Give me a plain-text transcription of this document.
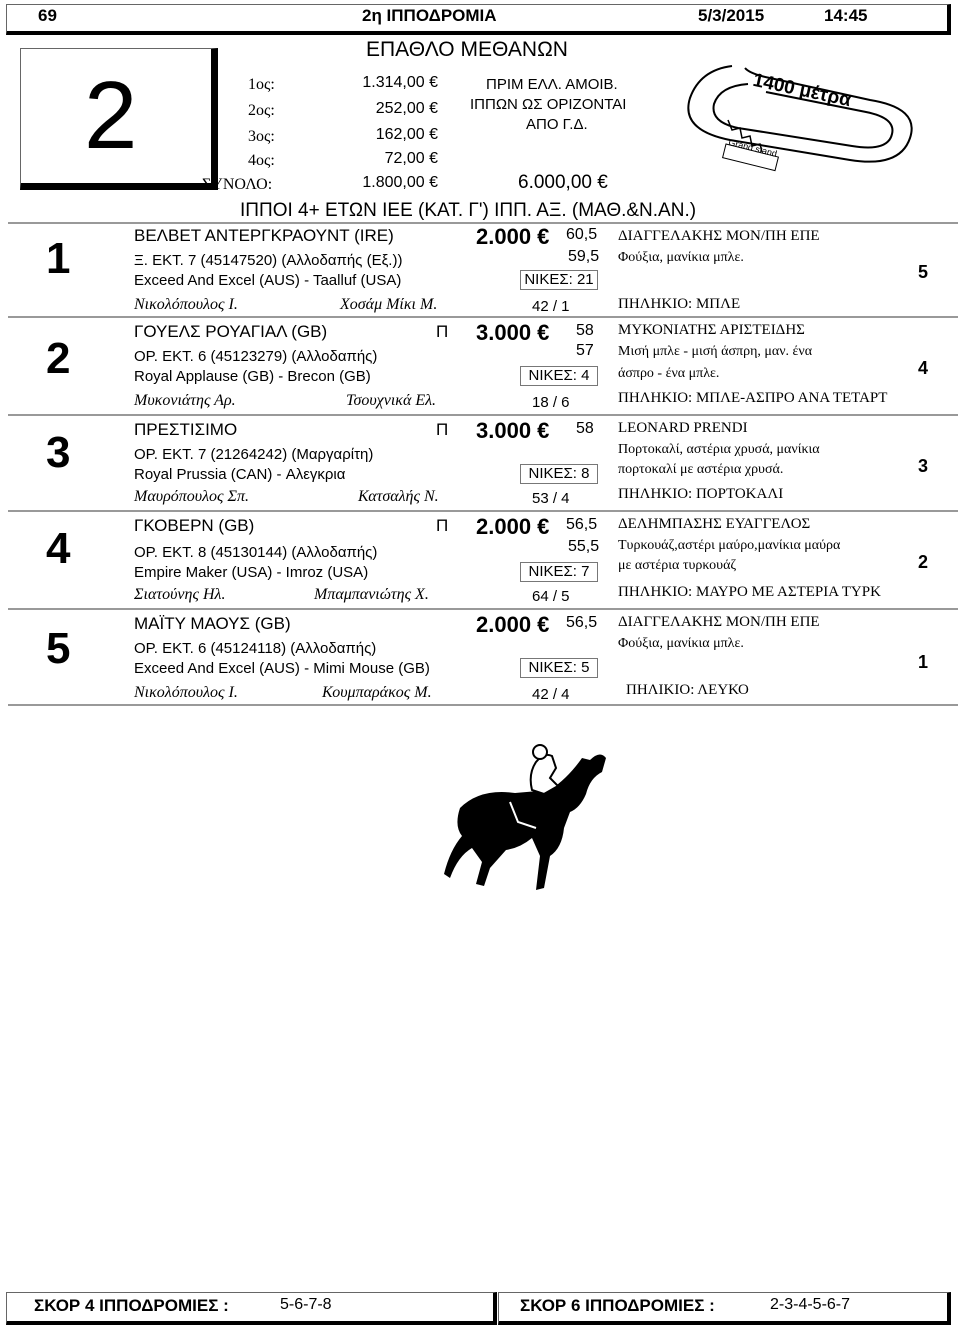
69	2η ΙΠΠΟΔΡΟΜΙΑ	5/3/2015	14:45
ΕΠΑΘΛΟ ΜΕΘΑΝΩΝ
2	1ος:	1.314,00 €
2ος:	252,00 €
3ος:	162,00 €
4ος:	72,00 €
ΣΥΝΟΛΟ:	1.800,00 €
ΠΡΙΜ ΕΛΛ. ΑΜΟΙΒ.
ΙΠΠΩΝ ΩΣ ΟΡΙΖΟΝΤΑΙ
ΑΠΟ Γ.Δ.
6.000,00 €
1400 μέτρα
Grand stand
ΙΠΠΟΙ 4+ ΕΤΩΝ ΙΕΕ (ΚΑΤ. Γ') ΙΠΠ. ΑΞ. (ΜΑΘ.&Ν.ΑΝ.)
1	ΒΕΛΒΕΤ ΑΝΤΕΡΓΚΡΑΟΥΝΤ (IRE)	2.000 € 60,5
59,5
Ξ. ΕΚΤ. 7 (45147520) (Αλλοδαπής (Εξ.))
Exceed And Excel (AUS) - Taalluf (USA)	ΝΙΚΕΣ: 21
Νικολόπουλος Ι.	Χοσάμ Μίκι Μ.	42 / 1
ΔΙΑΓΓΕΛΑΚΗΣ ΜΟΝ/ΠΗ ΕΠΕ
Φούξια, μανίκια μπλε.
ΠΗΛΗΚΙΟ: ΜΠΛΕ
5
2
ΓΟΥΕΛΣ ΡΟΥΑΓΙΑΛ (GB)	Π 3.000 € 58
57
ΟΡ. ΕΚΤ. 6 (45123279) (Αλλοδαπής)
Royal Applause (GB) - Brecon (GB)	ΝΙΚΕΣ: 4
Μυκονιάτης Αρ.	Τσουχνικά Ελ.	18 / 6
ΜΥΚΟΝΙΑΤΗΣ ΑΡΙΣΤΕΙΔΗΣ
Μισή μπλε - μισή άσπρη, μαν. ένα
άσπρο - ένα μπλε.
ΠΗΛΗΚΙΟ: ΜΠΛΕ-ΑΣΠΡΟ ΑΝΑ ΤΕΤΑΡΤ
4
3	ΠΡΕΣΤΙΣΙΜΟ	Π 3.000 € 58
ΟΡ. ΕΚΤ. 7 (21264242) (Μαργαρίτη)
Royal Prussia (CAN) - Αλεγκρια	ΝΙΚΕΣ: 8
Μαυρόπουλος Σπ.	Κατσαλής Ν.	53 / 4
LEONARD PRENDI
Πορτοκαλί, αστέρια χρυσά, μανίκια
πορτοκαλί με αστέρια χρυσά.
ΠΗΛΗΚΙΟ: ΠΟΡΤΟΚΑΛΙ
3
4	ΓΚΟΒΕΡΝ (GB)	Π 2.000 € 56,5
55,5
ΟΡ. ΕΚΤ. 8 (45130144) (Αλλοδαπής)
Empire Maker (USA) - Imroz (USA)	ΝΙΚΕΣ: 7
Σιατούνης Ηλ.	Μπαμπανιώτης Χ.	64 / 5
ΔΕΛΗΜΠΑΣΗΣ ΕΥΑΓΓΕΛΟΣ
Τυρκουάζ,αστέρι μαύρο,μανίκια μαύρα
με αστέρια τυρκουάζ
ΠΗΛΗΚΙΟ: ΜΑΥΡΟ ΜΕ ΑΣΤΕΡΙΑ ΤΥΡΚ
2
5
ΜΑΪΤΥ ΜΑΟΥΣ (GB)	2.000 € 56,5
ΟΡ. ΕΚΤ. 6 (45124118) (Αλλοδαπής)
Exceed And Excel (AUS) - Mimi Mouse (GB)	ΝΙΚΕΣ: 5
Νικολόπουλος Ι.	Κουμπαράκος Μ.	42 / 4
ΔΙΑΓΓΕΛΑΚΗΣ ΜΟΝ/ΠΗ ΕΠΕ
Φούξια, μανίκια μπλε.
ΠΗΛΙΚΙΟ: ΛΕΥΚΟ
1
ΣΚΟΡ 4 ΙΠΠΟΔΡΟΜΙΕΣ :	5-6-7-8	ΣΚΟΡ 6 ΙΠΠΟΔΡΟΜΙΕΣ :	2-3-4-5-6-7
